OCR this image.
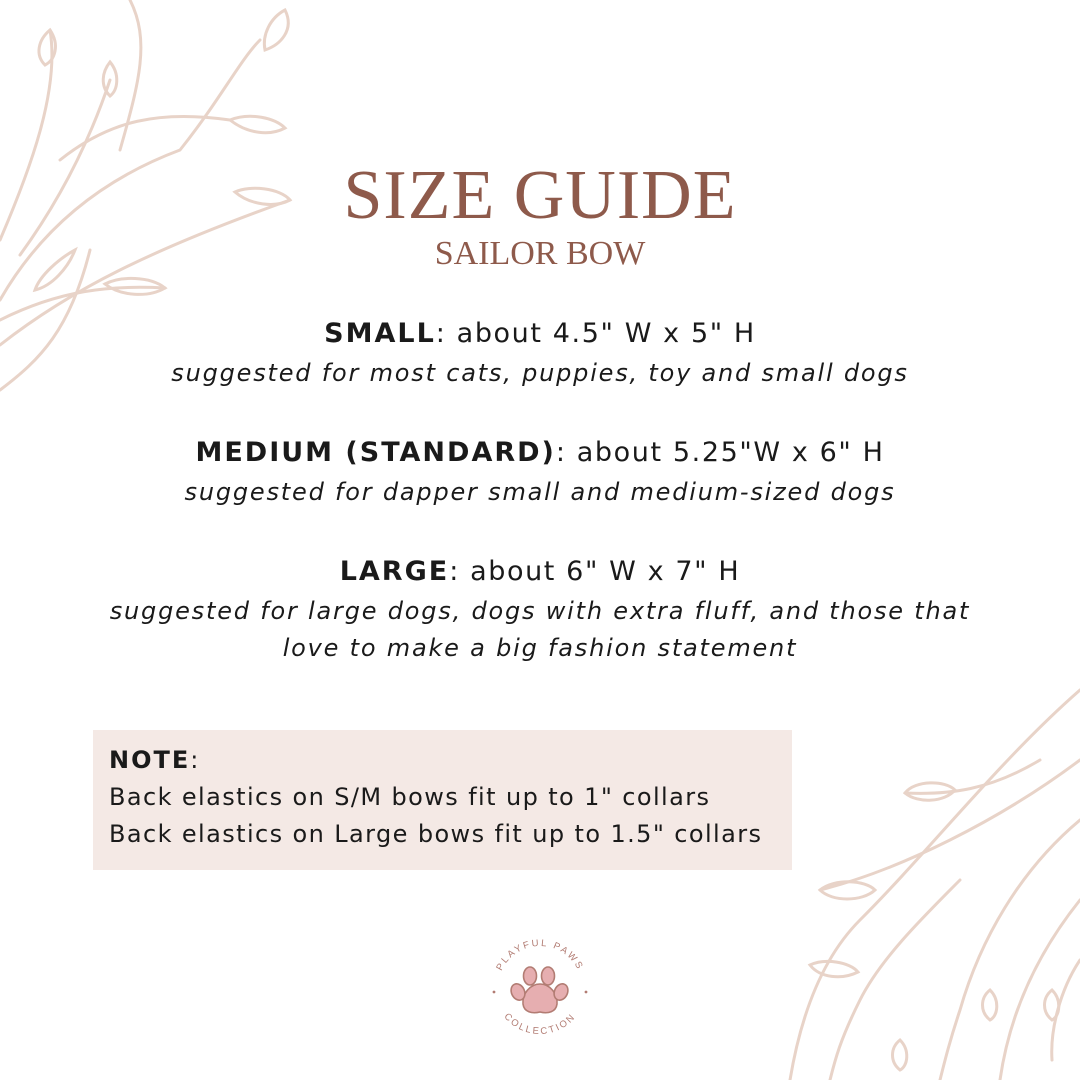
SIZE GUIDE
SAILOR BOW
SMALL: about 4.5" W x 5" H
suggested for most cats, puppies, toy and small dogs
MEDIUM (STANDARD): about 5.25"W x 6" H
suggested for dapper small and medium-sized dogs
LARGE: about 6" W x 7" H
suggested for large dogs, dogs with extra fluff, and those that love to make a big fashion statement
NOTE:
Back elastics on S/M bows fit up to 1" collars
Back elastics on Large bows fit up to 1.5" collars
PLAYFUL PAWS
COLLECTION
